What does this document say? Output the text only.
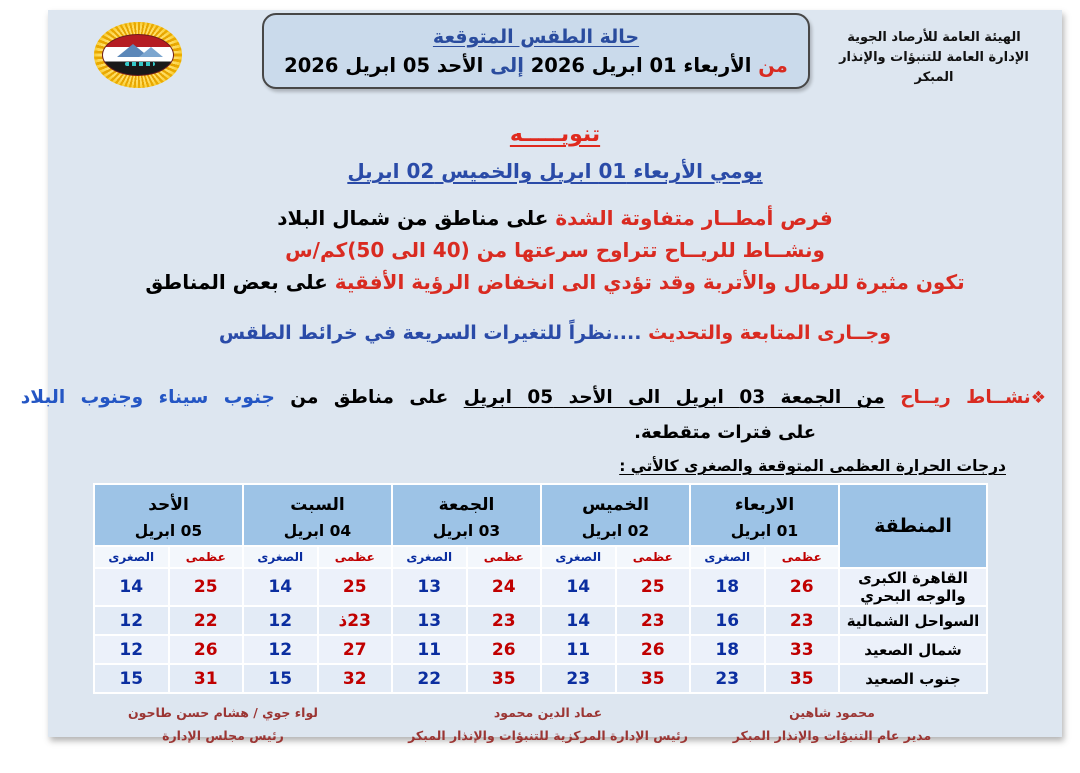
حالة الطقس المتوقعة
من الأربعاء 01 ابريل 2026 إلى الأحد 05 ابريل 2026
الهيئة العامة للأرصاد الجوية
الإدارة العامة للتنبؤات والإنذار المبكر
تنويـــــه
يومي الأربعاء 01 ابريل والخميس 02 ابريل
فرص أمطــار متفاوتة الشدة على مناطق من شمال البلاد
ونشــاط للريــاح تتراوح سرعتها من (40 الى 50)كم/س
تكون مثيرة للرمال والأتربة وقد تؤدي الى انخفاض الرؤية الأفقية على بعض المناطق
وجــارى المتابعة والتحديث ....نظراً للتغيرات السريعة في خرائط الطقس
❖نشــاط ريــاح من الجمعة 03 ابريل الى الأحد 05 ابريل على مناطق من جنوب سيناء وجنوب البلاد
على فترات متقطعة.
درجات الحرارة العظمى المتوقعة والصغرى كالأتي :
المنطقة	
الاربعاء
01 ابريل

الخميس
02 ابريل

الجمعة
03 ابريل

السبت
04 ابريل

الأحد
05 ابريل

	عظمى	الصغرى	عظمى	الصغرى	عظمى	الصغرى	عظمى	الصغرى	عظمى	الصغرى
القاهرة الكبرى والوجه البحري	26	18	25	14	24	13	25	14	25	14
السواحل الشمالية	23	16	23	14	23	13	23ذ	12	22	12
شمال الصعيد	33	18	26	11	26	11	27	12	26	12
جنوب الصعيد	35	23	35	23	35	22	32	15	31	15
محمود شاهين
مدير عام التنبؤات والإنذار المبكر
عماد الدين محمود
رئيس الإدارة المركزية للتنبؤات والإنذار المبكر
لواء جوي / هشام حسن طاحون
رئيس مجلس الإدارة
